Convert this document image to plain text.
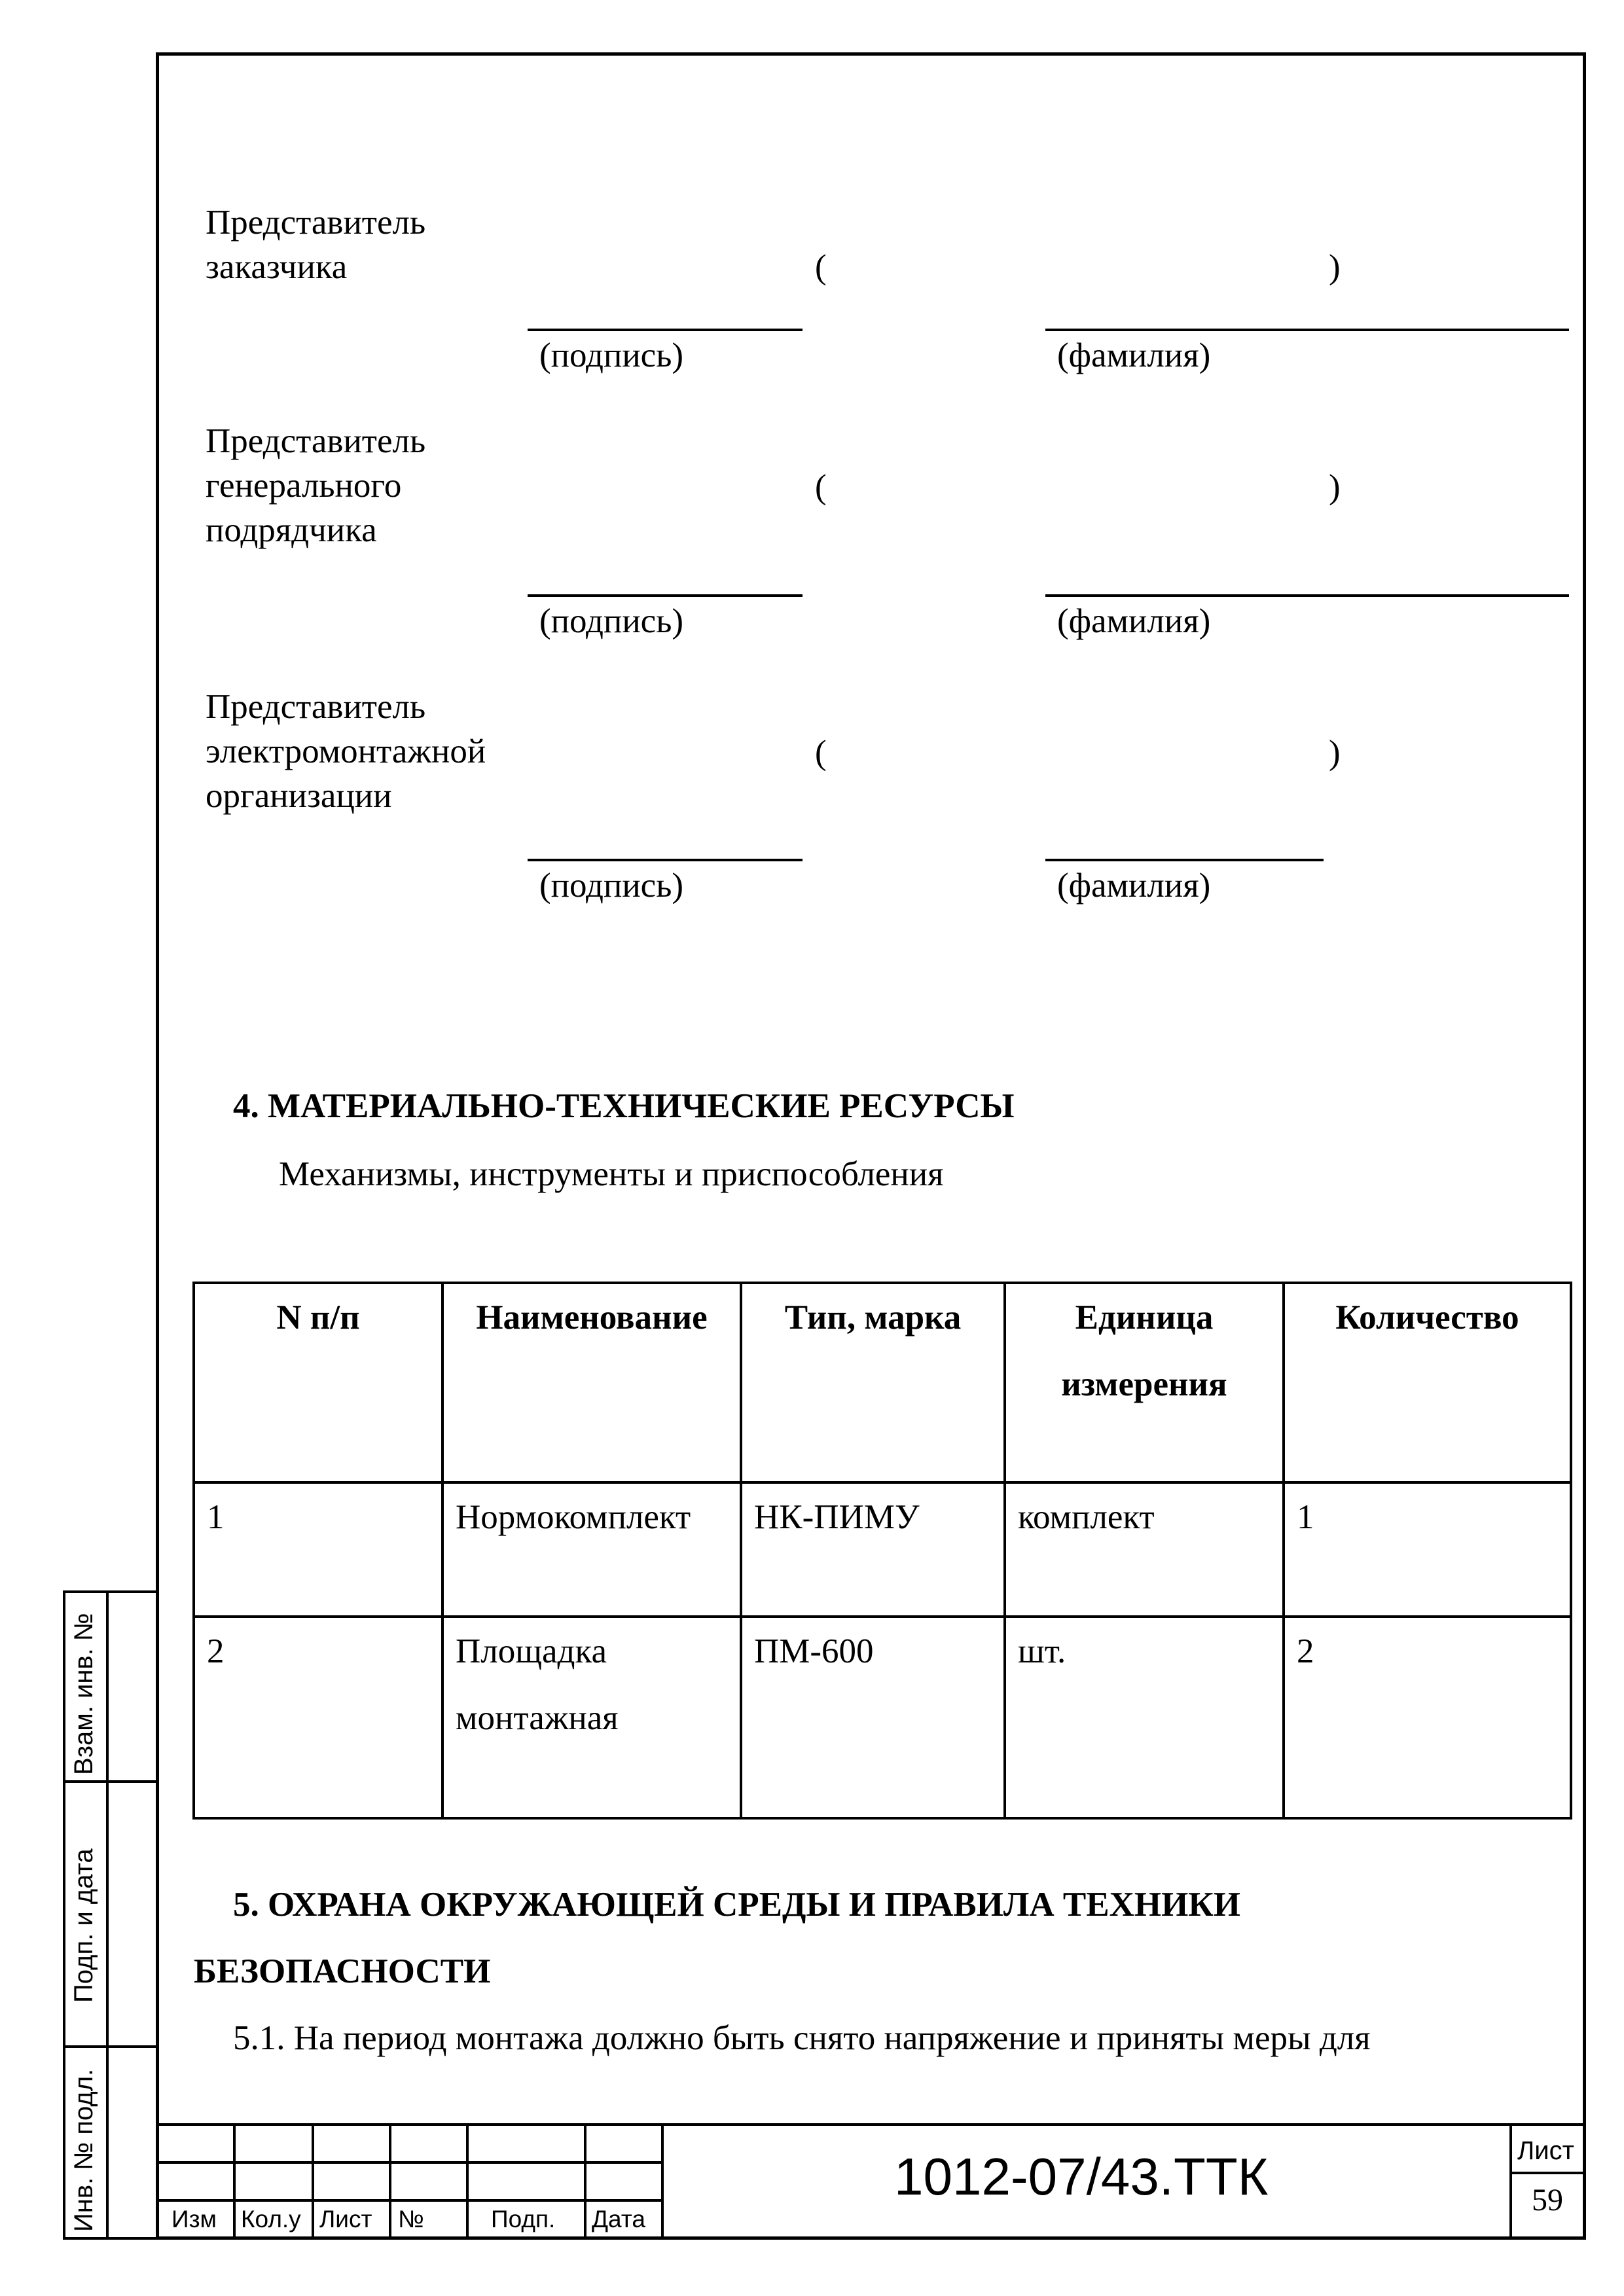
Представитель
заказчика	(	)
(подпись)	(фамилия)
Представитель
генерального
подрядчика
(	)
(подпись)	(фамилия)
Представитель
электромонтажной
организации
(	)
(подпись)	(фамилия)
4. МАТЕРИАЛЬНО-ТЕХНИЧЕСКИЕ РЕСУРСЫ
Механизмы, инструменты и приспособления
N п/п	Наименование	Тип, марка	Единица измерения	Количество
1	Нормокомплект	НК-ПИМУ	комплект	1
2	Площадка монтажная	ПМ-600	шт.	2
5. ОХРАНА ОКРУЖАЮЩЕЙ СРЕДЫ И ПРАВИЛА ТЕХНИКИ
БЕЗОПАСНОСТИ
5.1. На период монтажа должно быть снято напряжение и приняты меры для
Взам. инв. №
Подп. и дата
Инв. № подл.	Изм Кол.у Лист №	Подп. Дата
1012-07/43.ТТК	Лист
59
